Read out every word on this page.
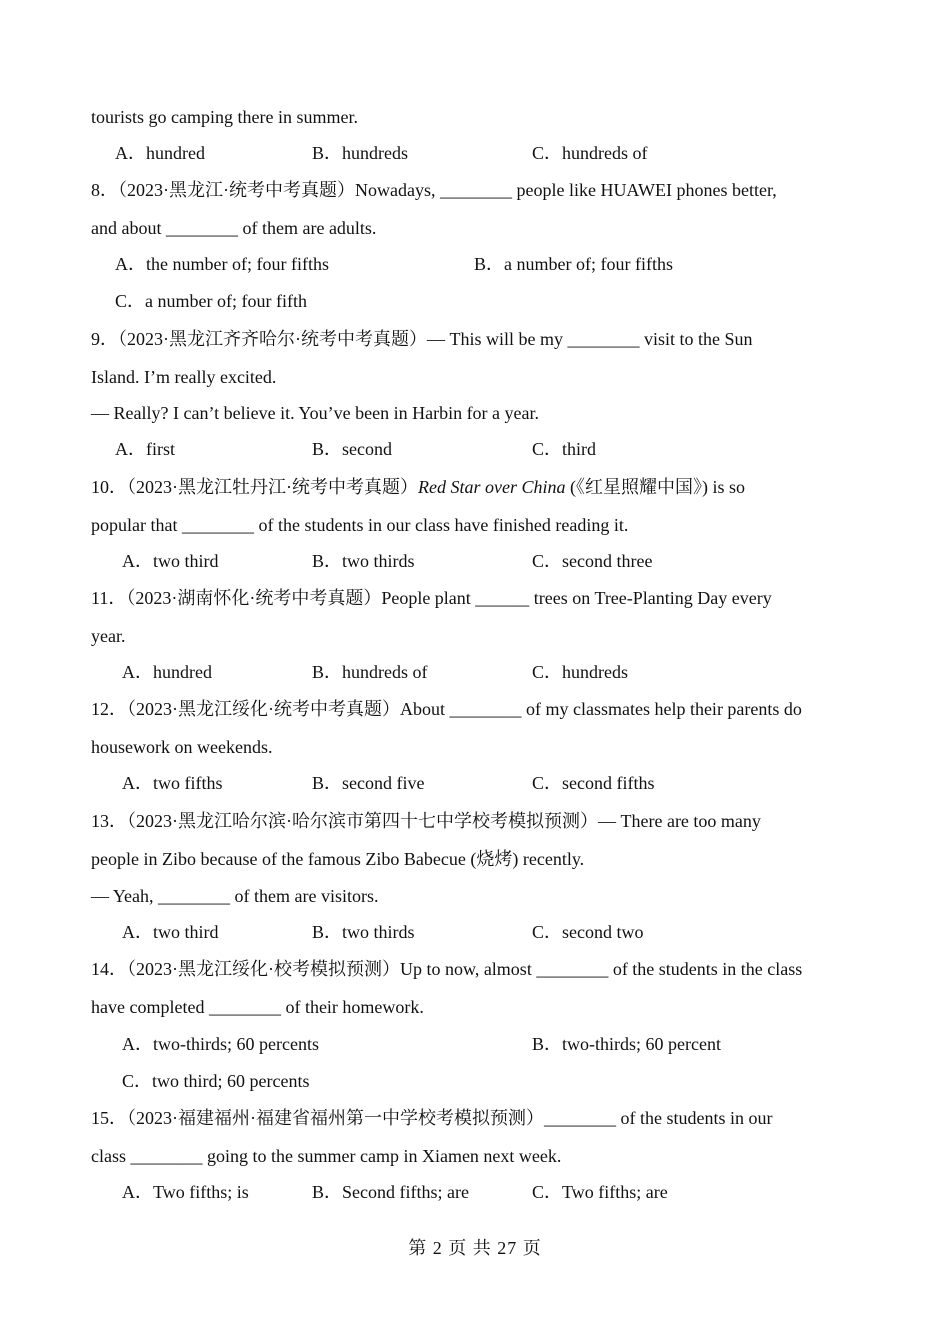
tourists go camping there in summer.
A．hundred	B．hundreds	C．hundreds of
8．（2023·黑龙江·统考中考真题）Nowadays, ________ people like HUAWEI phones better,
and about ________ of them are adults.
A．the number of; four fifths	B．a number of; four fifths
C．a number of; four fifth
9．（2023·黑龙江齐齐哈尔·统考中考真题）— This will be my ________ visit to the Sun
Island. I’m really excited.
— Really? I can’t believe it. You’ve been in Harbin for a year.
A．first	B．second	C．third
10．（2023·黑龙江牡丹江·统考中考真题）Red Star over China (《红星照耀中国》) is so
popular that ________ of the students in our class have finished reading it.
A．two third	B．two thirds	C．second three
11．（2023·湖南怀化·统考中考真题）People plant ______ trees on Tree-Planting Day every
year.
A．hundred	B．hundreds of	C．hundreds
12．（2023·黑龙江绥化·统考中考真题）About ________ of my classmates help their parents do
housework on weekends.
A．two fifths	B．second five	C．second fifths
13．（2023·黑龙江哈尔滨·哈尔滨市第四十七中学校考模拟预测）— There are too many
people in Zibo because of the famous Zibo Babecue (烧烤) recently.
— Yeah, ________ of them are visitors.
A．two third	B．two thirds	C．second two
14．（2023·黑龙江绥化·校考模拟预测）Up to now, almost ________ of the students in the class
have completed ________ of their homework.
A．two-thirds; 60 percents	B．two-thirds; 60 percent
C．two third; 60 percents
15．（2023·福建福州·福建省福州第一中学校考模拟预测）________ of the students in our
class ________ going to the summer camp in Xiamen next week.
A．Two fifths; is	B．Second fifths; are	C．Two fifths; are
第 2 页 共 27 页
